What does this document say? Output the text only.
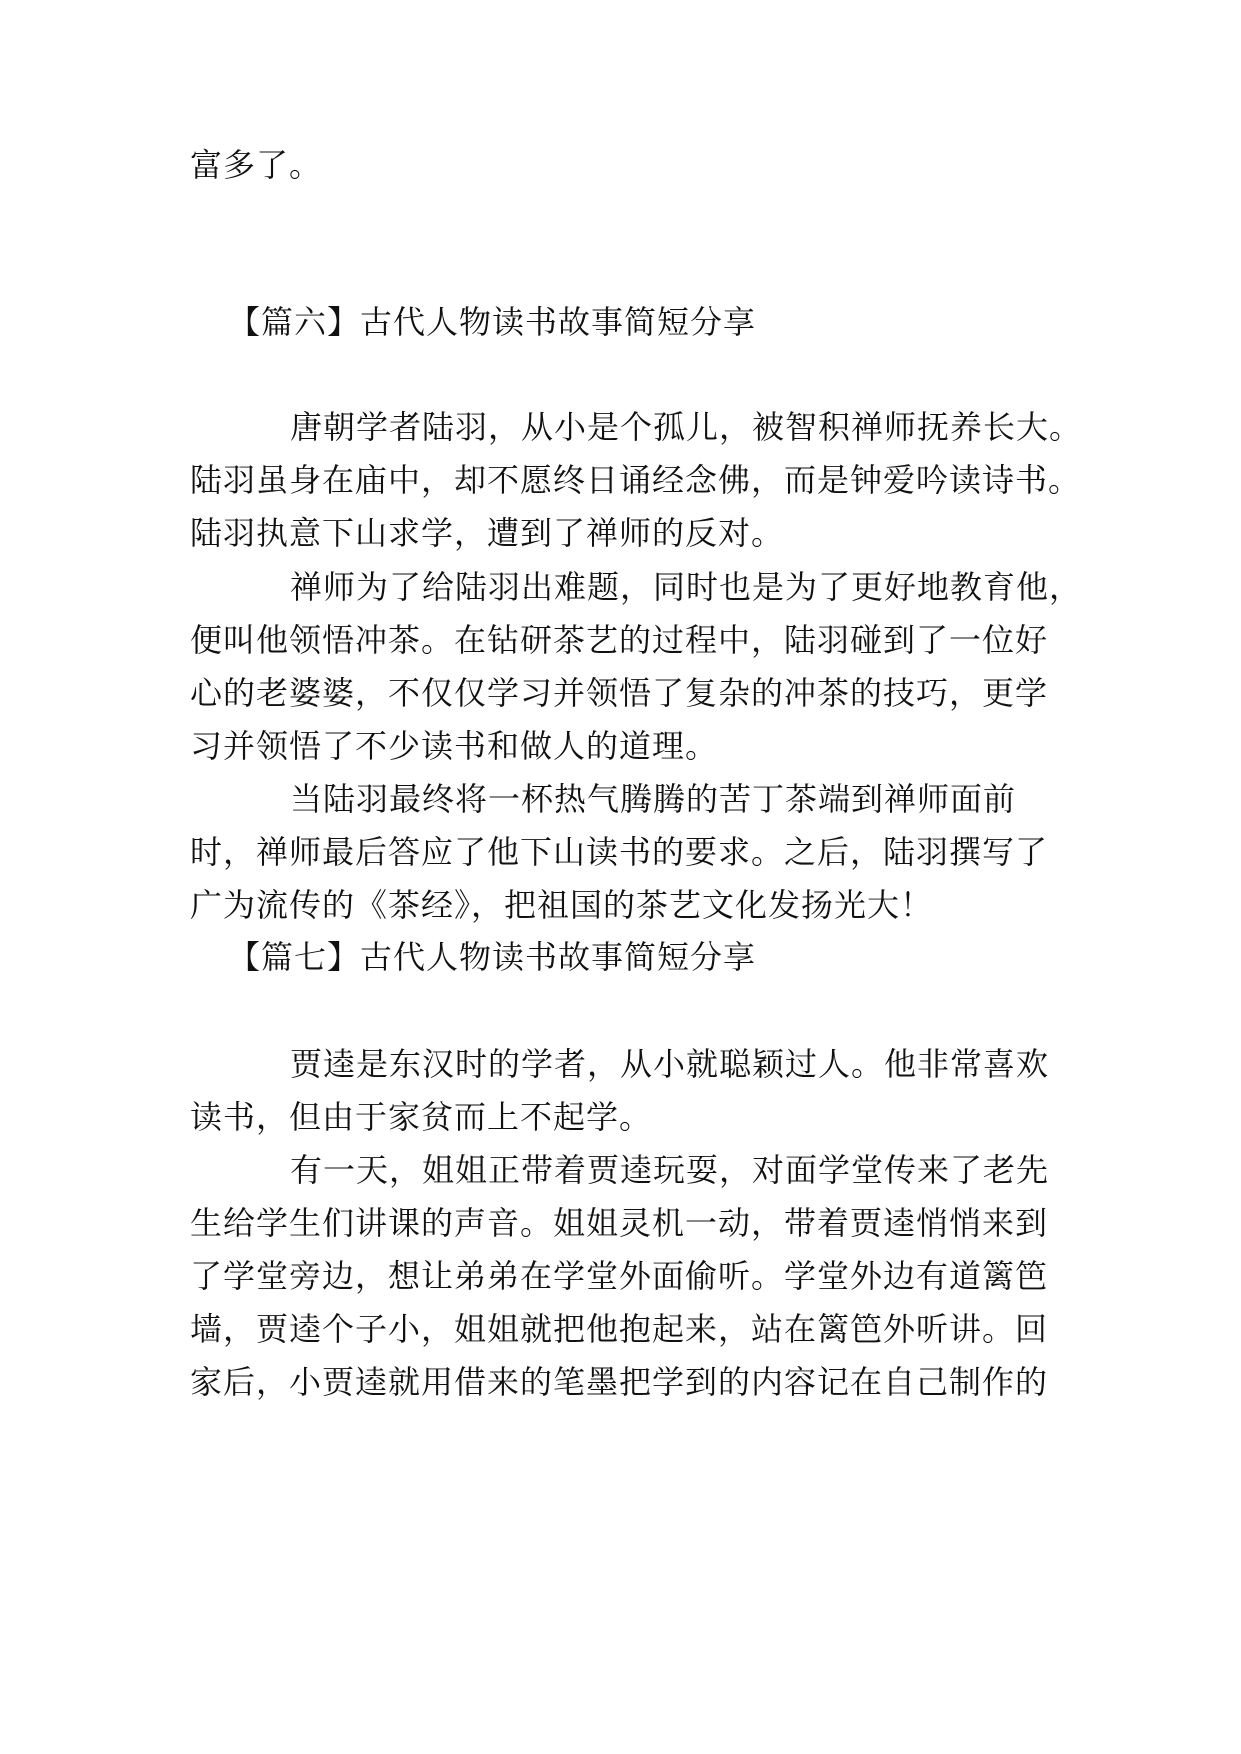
富多了。
【篇六】古代人物读书故事简短分享
唐朝学者陆羽，从小是个孤儿，被智积禅师抚养长大。
陆羽虽身在庙中，却不愿终日诵经念佛，而是钟爱吟读诗书。
陆羽执意下山求学，遭到了禅师的反对。
禅师为了给陆羽出难题，同时也是为了更好地教育他，
便叫他领悟冲茶。在钻研茶艺的过程中，陆羽碰到了一位好
心的老婆婆，不仅仅学习并领悟了复杂的冲茶的技巧，更学
习并领悟了不少读书和做人的道理。
当陆羽最终将一杯热气腾腾的苦丁茶端到禅师面前
时，禅师最后答应了他下山读书的要求。之后，陆羽撰写了
广为流传的《茶经》，把祖国的茶艺文化发扬光大！
【篇七】古代人物读书故事简短分享
贾逵是东汉时的学者，从小就聪颖过人。他非常喜欢
读书，但由于家贫而上不起学。
有一天，姐姐正带着贾逵玩耍，对面学堂传来了老先
生给学生们讲课的声音。姐姐灵机一动，带着贾逵悄悄来到
了学堂旁边，想让弟弟在学堂外面偷听。学堂外边有道篱笆
墙，贾逵个子小，姐姐就把他抱起来，站在篱笆外听讲。回
家后，小贾逵就用借来的笔墨把学到的内容记在自己制作的
